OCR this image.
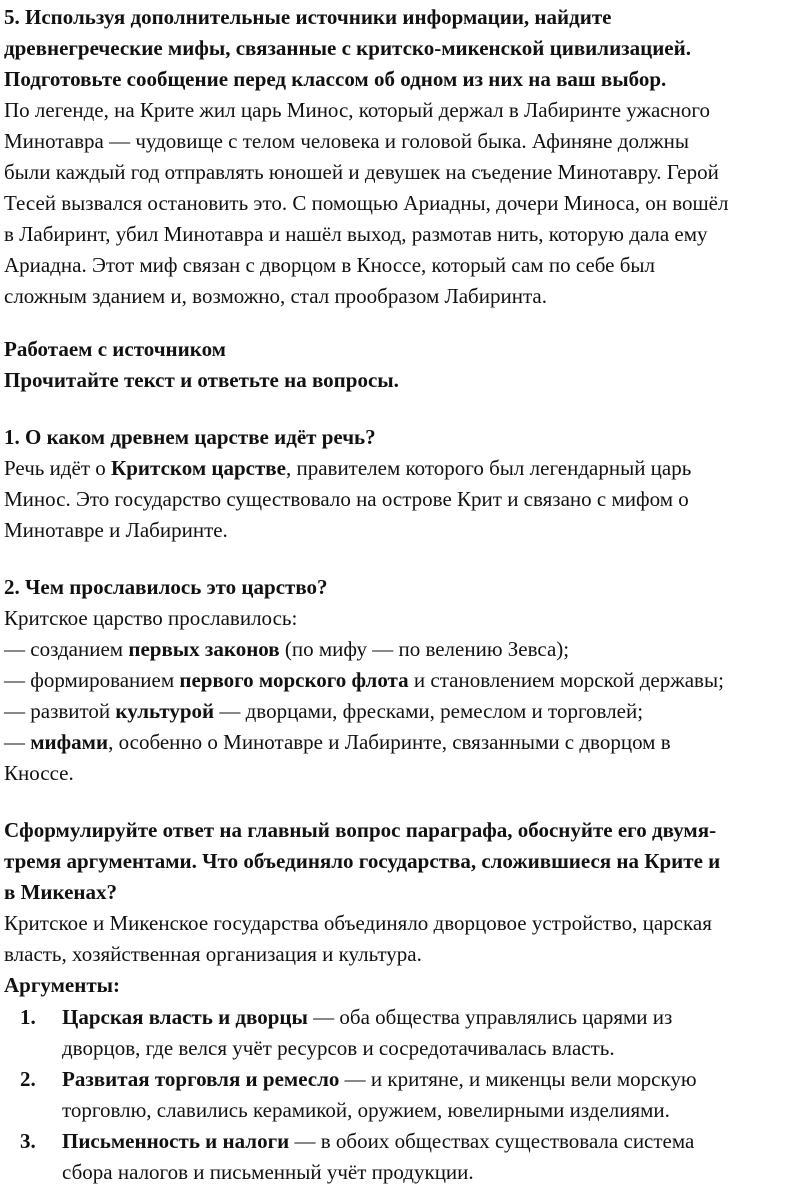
5. Используя дополнительные источники информации, найдите
древнегреческие мифы, связанные с критско-микенской цивилизацией.
Подготовьте сообщение перед классом об одном из них на ваш выбор.
По легенде, на Крите жил царь Минос, который держал в Лабиринте ужасного
Минотавра — чудовище с телом человека и головой быка. Афиняне должны
были каждый год отправлять юношей и девушек на съедение Минотавру. Герой
Тесей вызвался остановить это. С помощью Ариадны, дочери Миноса, он вошёл
в Лабиринт, убил Минотавра и нашёл выход, размотав нить, которую дала ему
Ариадна. Этот миф связан с дворцом в Кноссе, который сам по себе был
сложным зданием и, возможно, стал прообразом Лабиринта.
Работаем с источником
Прочитайте текст и ответьте на вопросы.
1. О каком древнем царстве идёт речь?
Речь идёт о Критском царстве, правителем которого был легендарный царь
Минос. Это государство существовало на острове Крит и связано с мифом о
Минотавре и Лабиринте.
2. Чем прославилось это царство?
Критское царство прославилось:
— созданием первых законов (по мифу — по велению Зевса);
— формированием первого морского флота и становлением морской державы;
— развитой культурой — дворцами, фресками, ремеслом и торговлей;
— мифами, особенно о Минотавре и Лабиринте, связанными с дворцом в
Кноссе.
Сформулируйте ответ на главный вопрос параграфа, обоснуйте его двумя-
тремя аргументами. Что объединяло государства, сложившиеся на Крите и
в Микенах?
Критское и Микенское государства объединяло дворцовое устройство, царская
власть, хозяйственная организация и культура.
Аргументы:
1. Царская власть и дворцы — оба общества управлялись царями из
дворцов, где велся учёт ресурсов и сосредотачивалась власть.
2. Развитая торговля и ремесло — и критяне, и микенцы вели морскую
торговлю, славились керамикой, оружием, ювелирными изделиями.
3. Письменность и налоги — в обоих обществах существовала система
сбора налогов и письменный учёт продукции.
